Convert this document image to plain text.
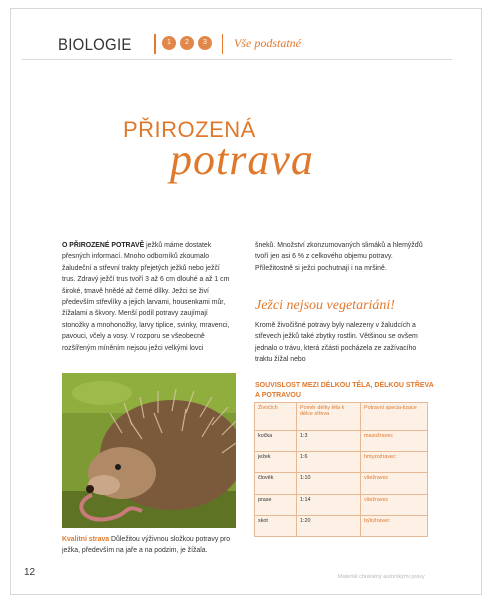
BIOLOGIE	1	2	3	Vše podstatné
PŘIROZENÁ
potrava
O PŘIROZENÉ POTRAVĚ ježků máme dostatek přesných informací. Mnoho odborníků zkoumalo žaludeční a střevní trakty přejetých ježků nebo ježčí trus. Zdravý ježčí trus tvoří 3 až 6 cm dlouhé a až 1 cm široké, tmavě hnědé až černé dílky. Ježci se živí především střevlíky a jejich larvami, housenkami můr, žížalami a škvory. Menší podíl potravy zaujímají stonožky a mnohonožky, larvy tiplice, svinky, mravenci, pavouci, včely a vosy. V rozporu se všeobecně rozšířeným míněním nejsou ježci velkými lovci
Kvalitní strava Důležitou výživnou složkou potravy pro ježka, především na jaře a na podzim, je žížala.
šneků. Množství zkonzumovaných slimáků a hlemýžďů tvoří jen asi 6 % z celkového objemu potravy. Příležitostně si ježci pochutnají i na mršině.
Ježci nejsou vegetariáni!
Kromě živočišné potravy byly nalezeny v žaludcích a střevech ježků také zbytky rostlin. Většinou se ovšem jednalo o trávu, která zčásti pocházela ze zažívacího traktu žížal nebo
SOUVISLOST MEZI DÉLKOU TĚLA, DÉLKOU STŘEVA A POTRAVOU
Živočich	Poměr délky těla k délce střeva	Potravní specia-lizace
kočka	1:3	masožravec
ježek	1:6	hmyzožravec
člověk	1:10	všežravec
prase	1:14	všežravec
skot	1:20	býložravec
12	Materiál chráněný autorskými právy
